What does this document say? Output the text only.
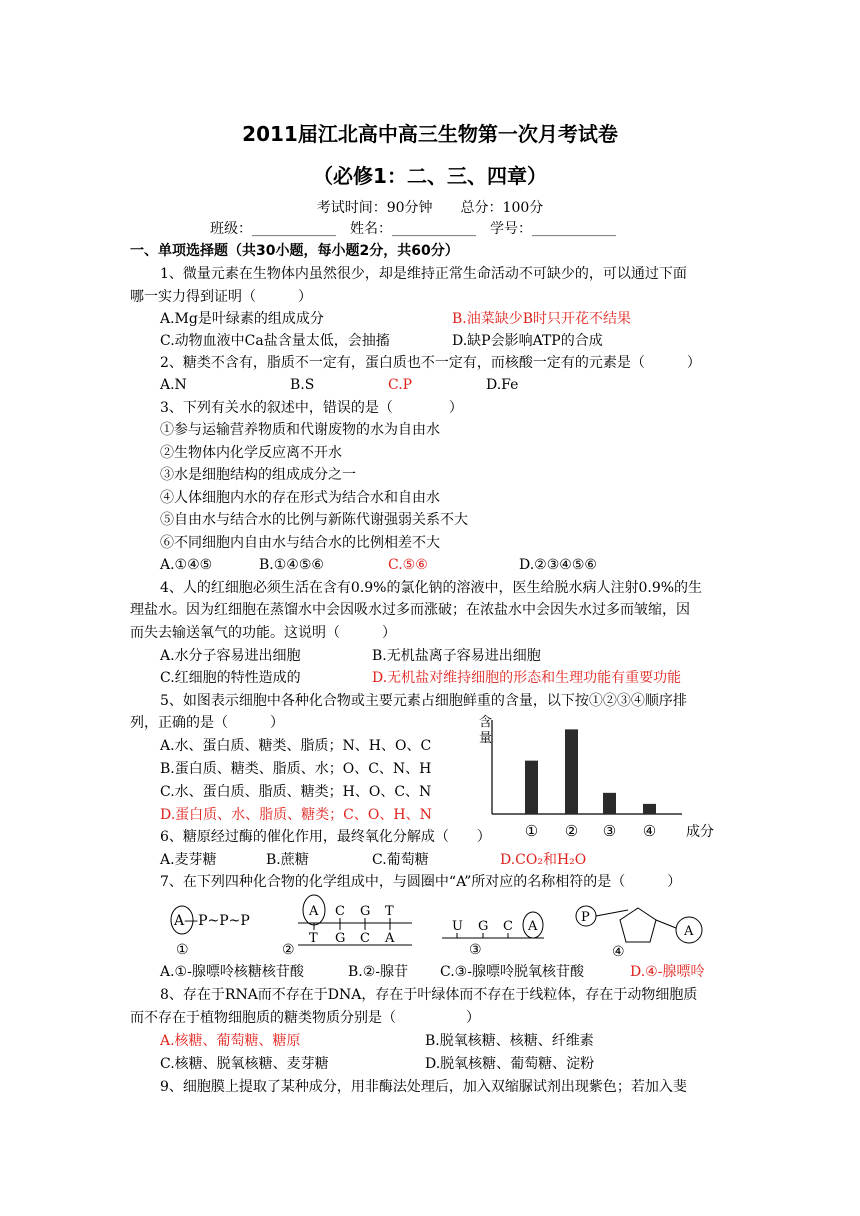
2011届江北高中高三生物第一次月考试卷
（必修1：二、三、四章）
考试时间：90分钟　　总分：100分
班级：____________　姓名：____________　学号：____________
一、单项选择题（共30小题，每小题2分，共60分）
1、微量元素在生物体内虽然很少，却是维持正常生命活动不可缺少的，可以通过下面
哪一实力得到证明（　　　）
A.Mg是叶绿素的组成成分	B.油菜缺少B时只开花不结果
C.动物血液中Ca盐含量太低，会抽搐	D.缺P会影响ATP的合成
2、糖类不含有，脂质不一定有，蛋白质也不一定有，而核酸一定有的元素是（　　　）
A.N	B.S	C.P	D.Fe
3、下列有关水的叙述中，错误的是（　　　　）
①参与运输营养物质和代谢废物的水为自由水
②生物体内化学反应离不开水
③水是细胞结构的组成成分之一
④人体细胞内水的存在形式为结合水和自由水
⑤自由水与结合水的比例与新陈代谢强弱关系不大
⑥不同细胞内自由水与结合水的比例相差不大
A.①④⑤	B.①④⑤⑥	C.⑤⑥	D.②③④⑤⑥
4、人的红细胞必须生活在含有0.9%的氯化钠的溶液中，医生给脱水病人注射0.9%的生
理盐水。因为红细胞在蒸馏水中会因吸水过多而涨破；在浓盐水中会因失水过多而皱缩，因
而失去输送氧气的功能。这说明（　　　）
A.水分子容易进出细胞	B.无机盐离子容易进出细胞
C.红细胞的特性造成的	D.无机盐对维持细胞的形态和生理功能有重要功能
5、如图表示细胞中各种化合物或主要元素占细胞鲜重的含量，以下按①②③④顺序排
列，正确的是（　　　）
A.水、蛋白质、糖类、脂质；N、H、O、C
B.蛋白质、糖类、脂质、水；O、C、N、H
C.水、蛋白质、脂质、糖类；H、O、C、N
D.蛋白质、水、脂质、糖类；C、O、H、N
含
量
① ② ③ ④ 成分
6、糖原经过酶的催化作用，最终氧化分解成（　　）
A.麦芽糖	B.蔗糖	C.葡萄糖	D.CO₂和H₂O
7、在下列四种化合物的化学组成中，与圆圈中“A”所对应的名称相符的是（　　　）
A—P~P~P
①
A C G T
T G C A
②
U G C A
③
P
A
④
A.①-腺嘌呤核糖核苷酸	B.②-腺苷 C.③-腺嘌呤脱氧核苷酸	D.④-腺嘌呤
8、存在于RNA而不存在于DNA，存在于叶绿体而不存在于线粒体，存在于动物细胞质
而不存在于植物细胞质的糖类物质分别是（　　　　　）
A.核糖、葡萄糖、糖原	B.脱氧核糖、核糖、纤维素
C.核糖、脱氧核糖、麦芽糖	D.脱氧核糖、葡萄糖、淀粉
9、细胞膜上提取了某种成分，用非酶法处理后，加入双缩脲试剂出现紫色；若加入斐
